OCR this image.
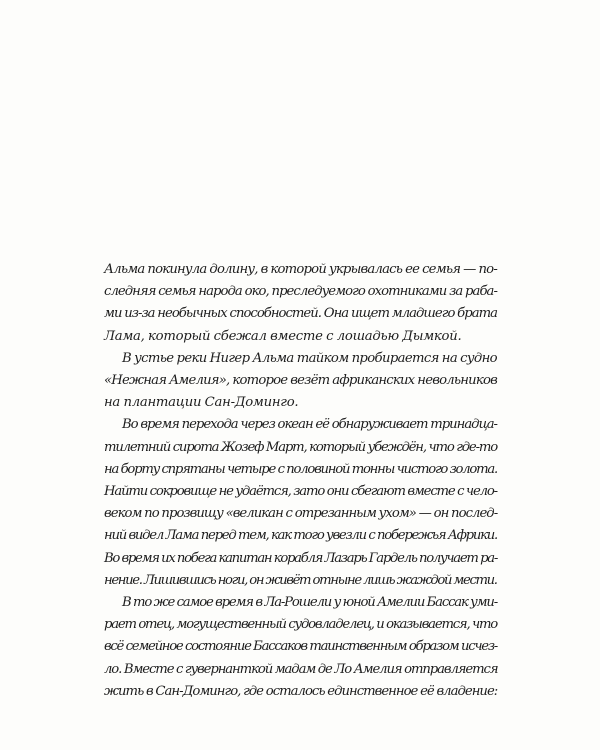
Альма покинула долину, в которой укрывалась ее семья — по-
следняя семья народа око, преследуемого охотниками за раба-
ми из-за необычных способностей. Она ищет младшего брата
Лама, который сбежал вместе с лошадью Дымкой.

В устье реки Нигер Альма тайком пробирается на судно
«Нежная Амелия», которое везёт африканских невольников
на плантации Сан-Доминго.

Во время перехода через океан её обнаруживает тринадца-
тилетний сирота Жозеф Март, который убеждён, что где-то
на борту спрятаны четыре с половиной тонны чистого золота.
Найти сокровище не удаётся, зато они сбегают вместе с чело-
веком по прозвищу «великан с отрезанным ухом» — он послед-
ний видел Лама перед тем, как того увезли с побережья Африки.
Во время их побега капитан корабля Лазарь Гардель получает ра-
нение. Лишившись ноги, он живёт отныне лишь жаждой мести.

В то же самое время в Ла-Рошели у юной Амелии Бассак уми-
рает отец, могущественный судовладелец, и оказывается, что
всё семейное состояние Бассаков таинственным образом исчез-
ло. Вместе с гувернанткой мадам де Ло Амелия отправляется
жить в Сан-Доминго, где осталось единственное её владение:
